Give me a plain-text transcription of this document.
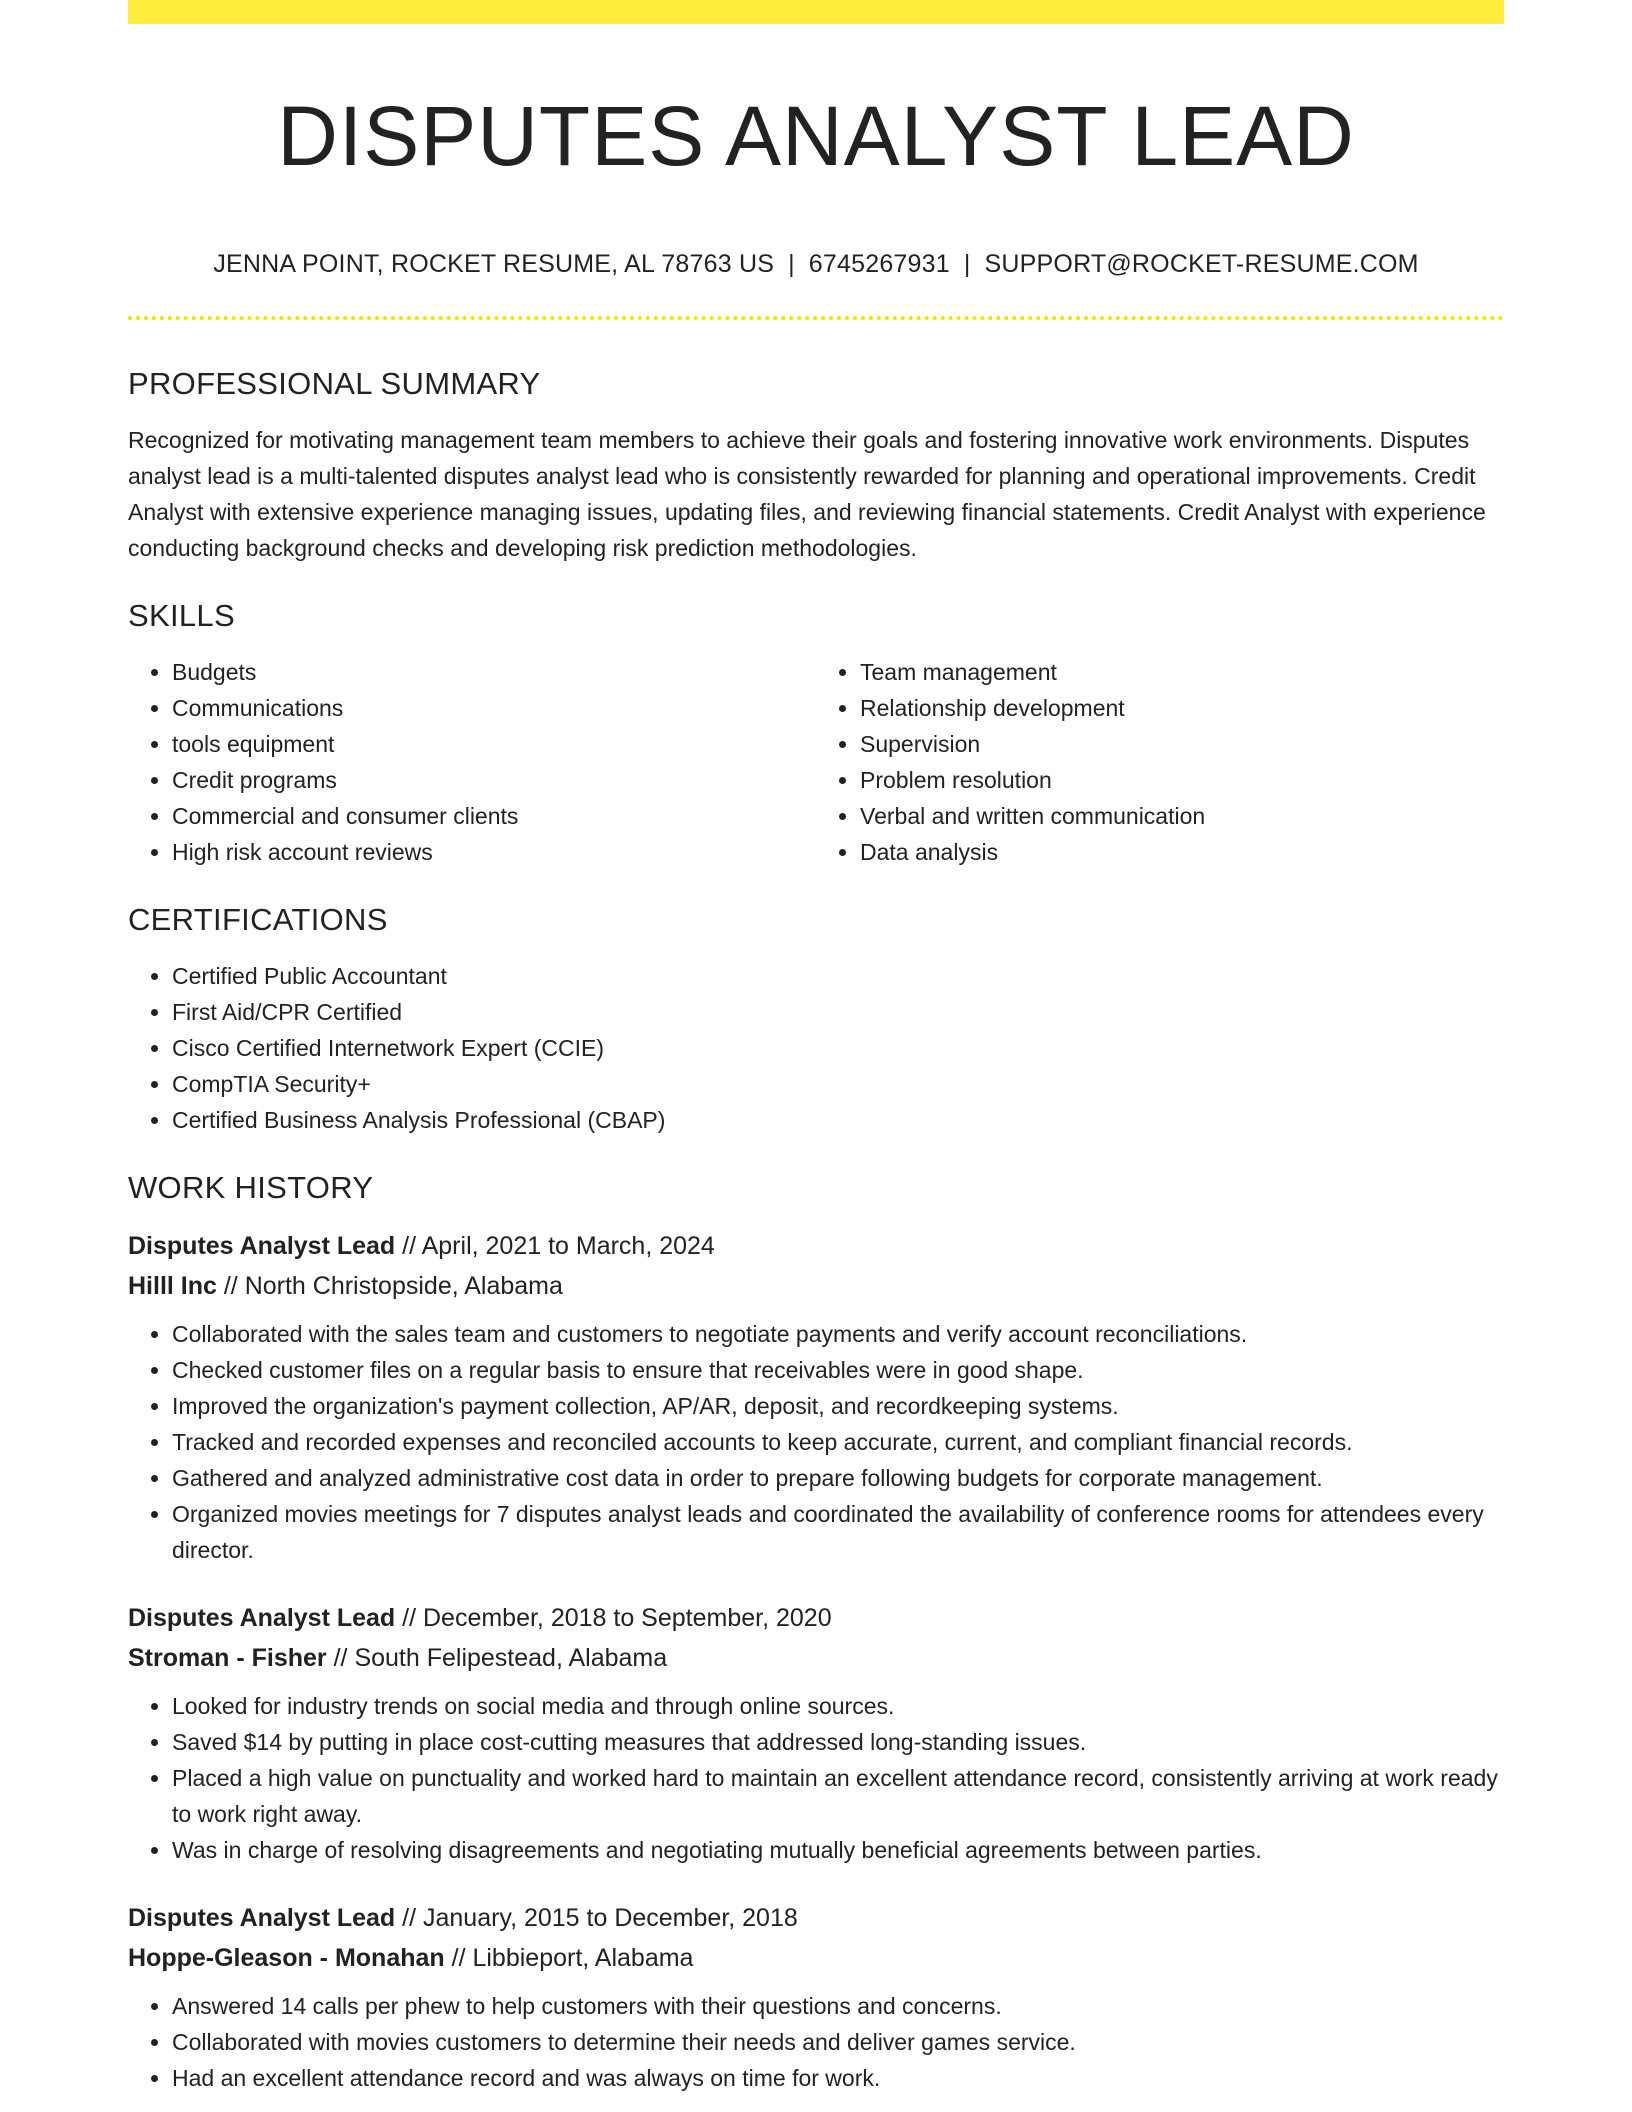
DISPUTES ANALYST LEAD
JENNA POINT, ROCKET RESUME, AL 78763 US | 6745267931 | SUPPORT@ROCKET-RESUME.COM
PROFESSIONAL SUMMARY

Recognized for motivating management team members to achieve their goals and fostering innovative work environments. Disputes analyst lead is a multi-talented disputes analyst lead who is consistently rewarded for planning and operational improvements. Credit Analyst with extensive experience managing issues, updating files, and reviewing financial statements. Credit Analyst with experience conducting background checks and developing risk prediction methodologies.

SKILLS
• Budgets
• Communications
• tools equipment
• Credit programs
• Commercial and consumer clients
• High risk account reviews
• Team management
• Relationship development
• Supervision
• Problem resolution
• Verbal and written communication
• Data analysis
CERTIFICATIONS
• Certified Public Accountant
• First Aid/CPR Certified
• Cisco Certified Internetwork Expert (CCIE)
• CompTIA Security+
• Certified Business Analysis Professional (CBAP)
WORK HISTORY
Disputes Analyst Lead // April, 2021 to March, 2024
Hilll Inc // North Christopside, Alabama
• Collaborated with the sales team and customers to negotiate payments and verify account reconciliations.
• Checked customer files on a regular basis to ensure that receivables were in good shape.
• Improved the organization's payment collection, AP/AR, deposit, and recordkeeping systems.
• Tracked and recorded expenses and reconciled accounts to keep accurate, current, and compliant financial records.
• Gathered and analyzed administrative cost data in order to prepare following budgets for corporate management.
• Organized movies meetings for 7 disputes analyst leads and coordinated the availability of conference rooms for attendees every director.
Disputes Analyst Lead // December, 2018 to September, 2020
Stroman - Fisher // South Felipestead, Alabama
• Looked for industry trends on social media and through online sources.
• Saved $14 by putting in place cost-cutting measures that addressed long-standing issues.
• Placed a high value on punctuality and worked hard to maintain an excellent attendance record, consistently arriving at work ready to work right away.
• Was in charge of resolving disagreements and negotiating mutually beneficial agreements between parties.
Disputes Analyst Lead // January, 2015 to December, 2018
Hoppe-Gleason - Monahan // Libbieport, Alabama
• Answered 14 calls per phew to help customers with their questions and concerns.
• Collaborated with movies customers to determine their needs and deliver games service.
• Had an excellent attendance record and was always on time for work.
